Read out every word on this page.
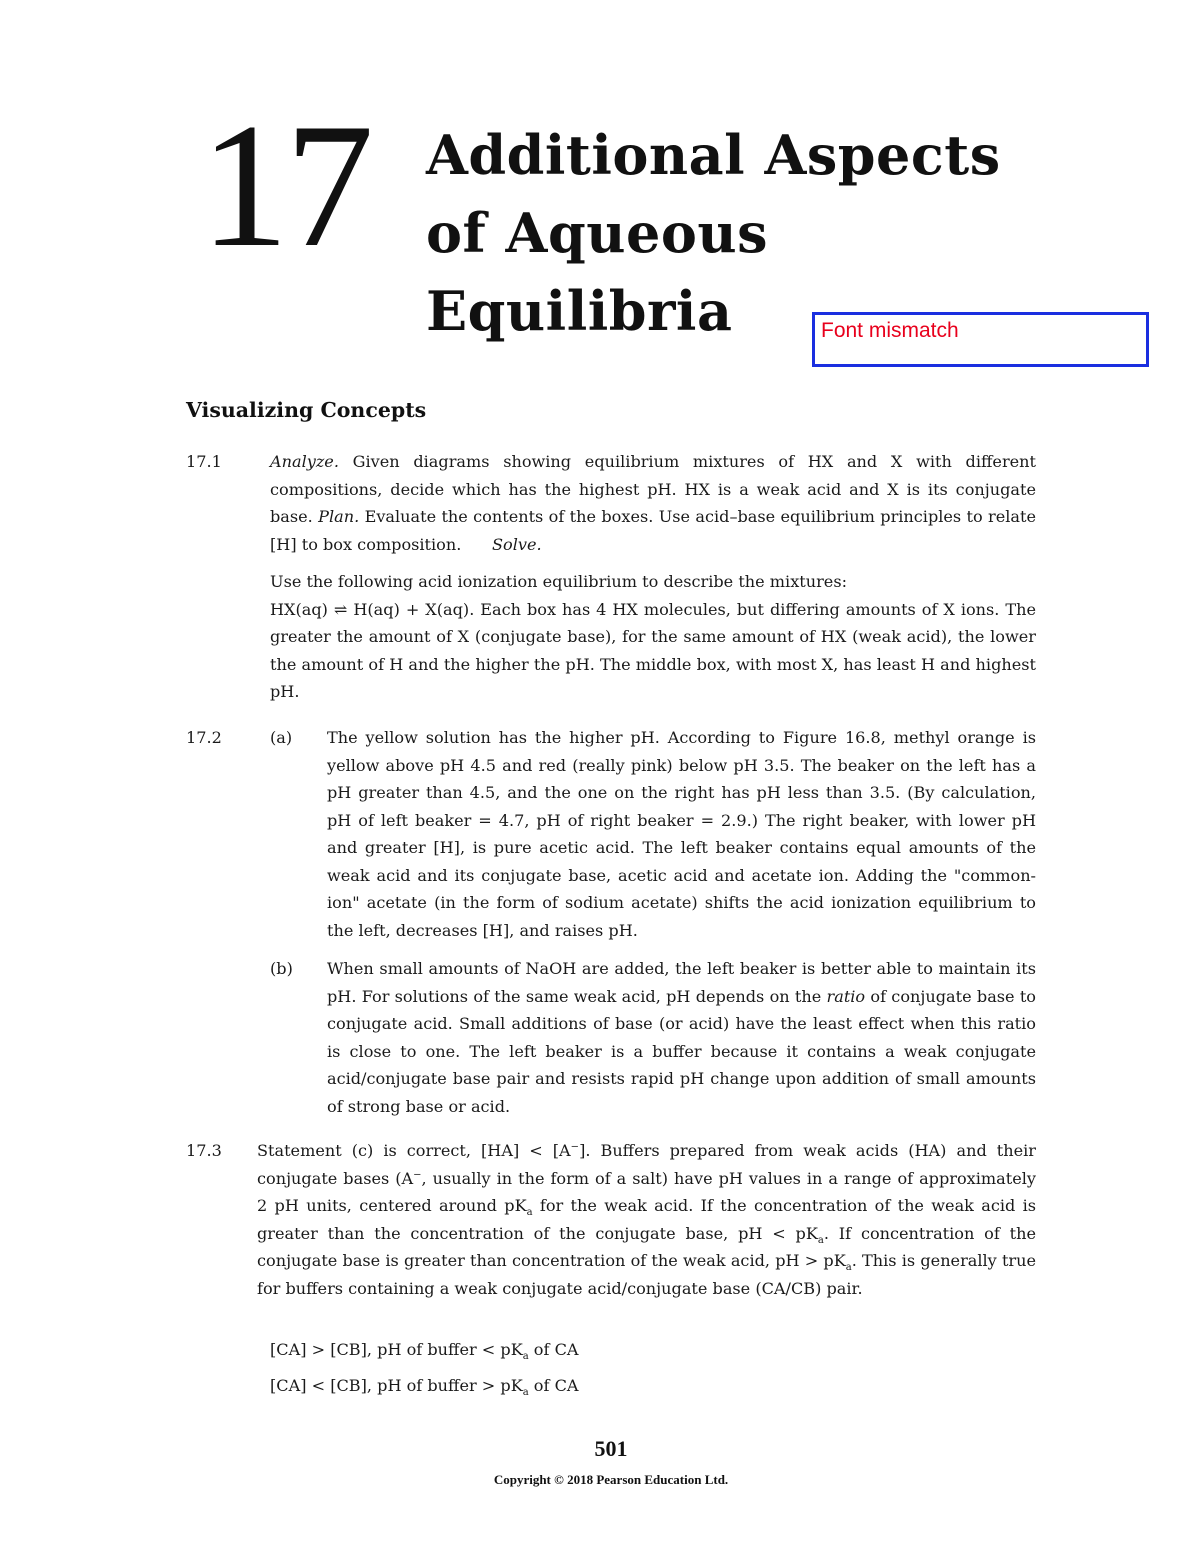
17 Additional Aspects
of Aqueous
Equilibria	Font mismatch
Visualizing Concepts
17.1	Analyze. Given diagrams showing equilibrium mixtures of HX and X with different compositions, decide which has the highest pH. HX is a weak acid and X is its conjugate base. Plan. Evaluate the contents of the boxes. Use acid–base equilibrium principles to relate [H] to box composition. Solve.
Use the following acid ionization equilibrium to describe the mixtures:
HX(aq) ⇌ H(aq) + X(aq). Each box has 4 HX molecules, but differing amounts of X ions. The greater the amount of X (conjugate base), for the same amount of HX (weak acid), the lower the amount of H and the higher the pH. The middle box, with most X, has least H and highest pH.
17.2	(a) The yellow solution has the higher pH. According to Figure 16.8, methyl orange is yellow above pH 4.5 and red (really pink) below pH 3.5. The beaker on the left has a pH greater than 4.5, and the one on the right has pH less than 3.5. (By calculation, pH of left beaker = 4.7, pH of right beaker = 2.9.) The right beaker, with lower pH and greater [H], is pure acetic acid. The left beaker contains equal amounts of the weak acid and its conjugate base, acetic acid and acetate ion. Adding the "common-ion" acetate (in the form of sodium acetate) shifts the acid ionization equilibrium to the left, decreases [H], and raises pH.
(b) When small amounts of NaOH are added, the left beaker is better able to maintain its pH. For solutions of the same weak acid, pH depends on the ratio of conjugate base to conjugate acid. Small additions of base (or acid) have the least effect when this ratio is close to one. The left beaker is a buffer because it contains a weak conjugate acid/conjugate base pair and resists rapid pH change upon addition of small amounts of strong base or acid.
17.3 Statement (c) is correct, [HA] < [A−]. Buffers prepared from weak acids (HA) and their conjugate bases (A−, usually in the form of a salt) have pH values in a range of approximately 2 pH units, centered around $pK_a$ for the weak acid. If the concentration of the weak acid is greater than the concentration of the conjugate base, pH < $pK_a$. If concentration of the conjugate base is greater than concentration of the weak acid, pH > $pK_a$. This is generally true for buffers containing a weak conjugate acid/conjugate base (CA/CB) pair.
[CA] > [CB], pH of buffer < $pK_a$ of CA
[CA] < [CB], pH of buffer > $pK_a$ of CA
501
Copyright © 2018 Pearson Education Ltd.
